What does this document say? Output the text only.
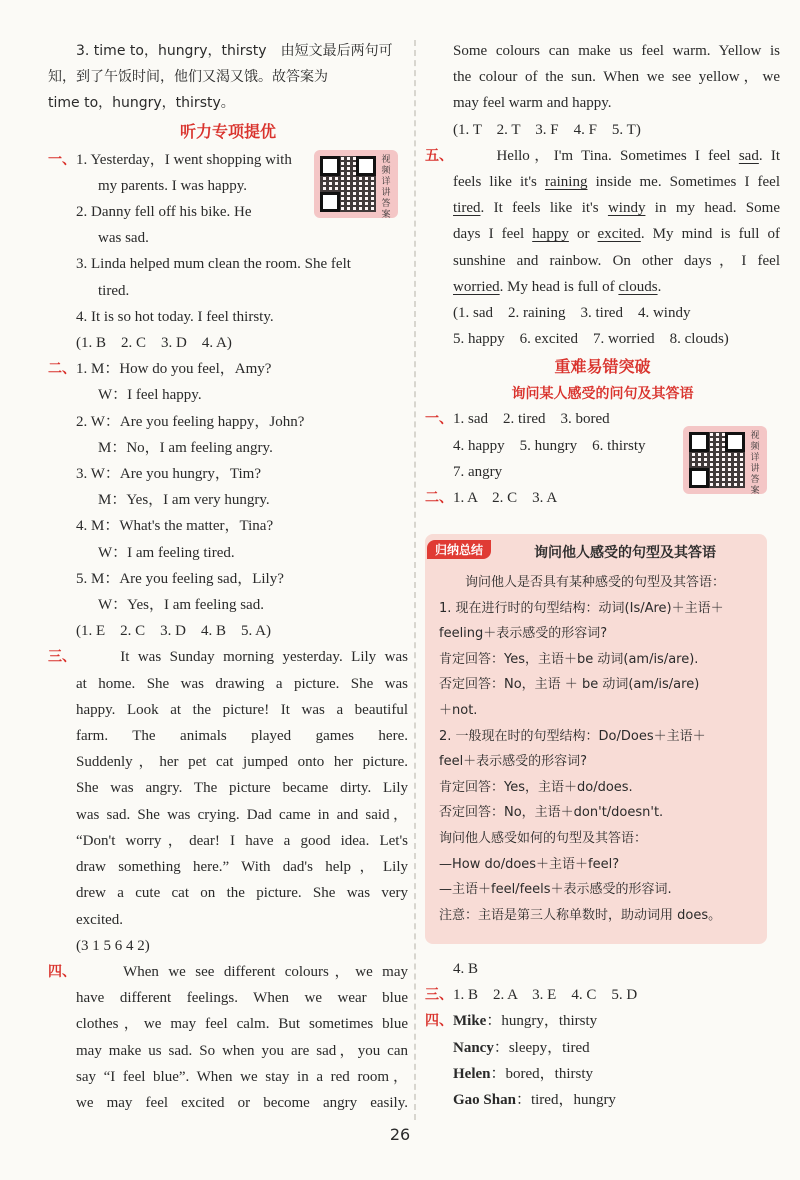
3. time to，hungry，thirsty　由短文最后两句可
知，到了午饭时间，他们又渴又饿。故答案为
time to，hungry，thirsty。
听力专项提优
一、1. Yesterday，I went shopping with
my parents. I was happy.
2. Danny fell off his bike. He
was sad.
3. Linda helped mum clean the room. She felt
tired.
4. It is so hot today. I feel thirsty.
(1. B　2. C　3. D　4. A)
二、1. M：How do you feel，Amy?
W：I feel happy.
2. W：Are you feeling happy，John?
M：No，I am feeling angry.
3. W：Are you hungry，Tim?
M：Yes，I am very hungry.
4. M：What's the matter，Tina?
W：I am feeling tired.
5. M：Are you feeling sad，Lily?
W：Yes，I am feeling sad.
(1. E　2. C　3. D　4. B　5. A)
三、　　	It was Sunday morning yesterday. Lily was
at home. She was drawing a picture. She was
happy. Look at the picture! It was a beautiful
farm. The animals played games here.
Suddenly，her pet cat jumped onto her picture.
She was angry. The picture became dirty. Lily
was sad. She was crying. Dad came in and said，
“Don't worry，dear! I have a good idea. Let's
draw something here.” With dad's help，Lily
drew a cute cat on the picture. She was very
excited.
(3 1 5 6 4 2)
四、　　	When we see different colours，we may
have different feelings. When we wear blue
clothes，we may feel calm. But sometimes blue
may make us sad. So when you are sad，you can
say “I feel blue”. When we stay in a red room，
we may feel excited or become angry easily.
视频详讲答案
Some colours can make us feel warm. Yellow is
the colour of the sun. When we see yellow，we
may feel warm and happy.
(1. T　2. T　3. F　4. F　5. T)
五、　　	Hello，I'm Tina. Sometimes I feel sad. It
feels like it's raining inside me. Sometimes I feel
tired. It feels like it's windy in my head. Some
days I feel happy or excited. My mind is full of
sunshine and rainbow. On other days，I feel
worried. My head is full of clouds.
(1. sad　2. raining　3. tired　4. windy
5. happy　6. excited　7. worried　8. clouds)
重难易错突破
询问某人感受的问句及其答语
一、1. sad　2. tired　3. bored
4. happy　5. hungry　6. thirsty
7. angry
二、1. A　2. C　3. A
视频详讲答案
归纳总结	询问他人感受的句型及其答语
　　询问他人是否具有某种感受的句型及其答语：
1. 现在进行时的句型结构：动词(Is/Are)＋主语＋
feeling＋表示感受的形容词?
肯定回答：Yes，主语＋be 动词(am/is/are).
否定回答：No，主语 ＋ be 动词(am/is/are)
＋not.
2. 一般现在时的句型结构：Do/Does＋主语＋
feel＋表示感受的形容词?
肯定回答：Yes，主语＋do/does.
否定回答：No，主语＋don't/doesn't.
询问他人感受如何的句型及其答语：
—How do/does＋主语＋feel?
—主语＋feel/feels＋表示感受的形容词.
注意：主语是第三人称单数时，助动词用 does。
4. B
三、1. B　2. A　3. E　4. C　5. D
四、Mike：hungry，thirsty
Nancy：sleepy，tired
Helen：bored，thirsty
Gao Shan：tired，hungry
26
